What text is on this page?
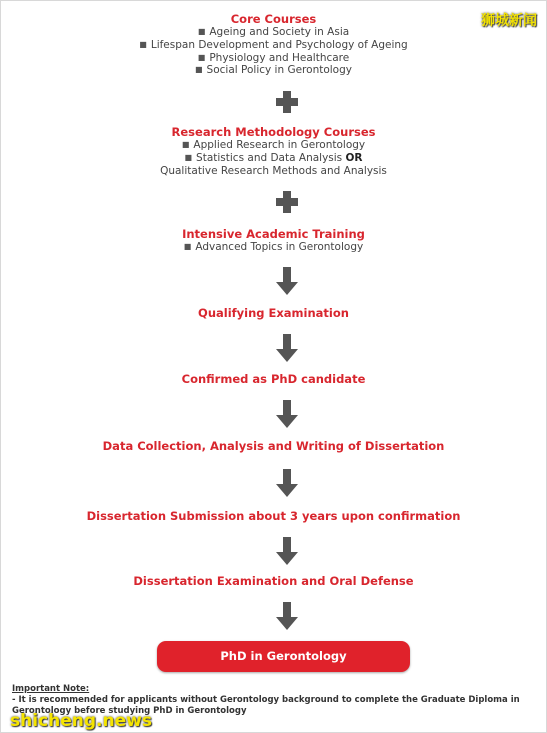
Core Courses
■ Ageing and Society in Asia
■ Lifespan Development and Psychology of Ageing
■ Physiology and Healthcare
■ Social Policy in Gerontology
Research Methodology Courses
■ Applied Research in Gerontology
■ Statistics and Data Analysis OR
Qualitative Research Methods and Analysis
Intensive Academic Training
■ Advanced Topics in Gerontology
Qualifying Examination
Confirmed as PhD candidate
Data Collection, Analysis and Writing of Dissertation
Dissertation Submission about 3 years upon confirmation
Dissertation Examination and Oral Defense
PhD in Gerontology
Important Note:
- It is recommended for applicants without Gerontology background to complete the Graduate Diploma in Gerontology before studying PhD in Gerontology
狮城新闻
shicheng.news
